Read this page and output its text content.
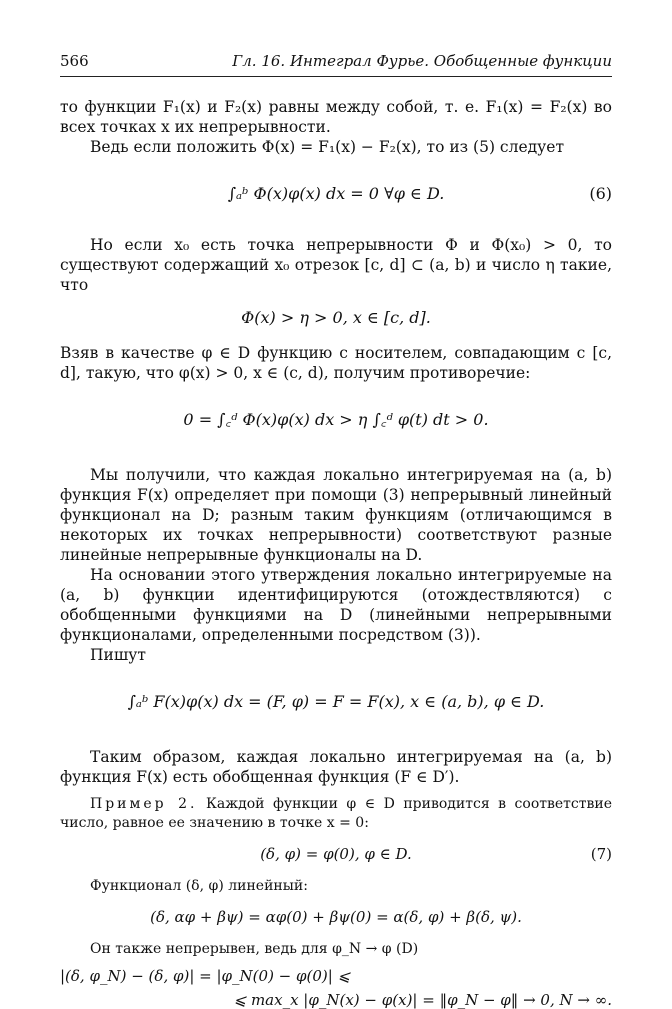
566	Гл. 16. Интеграл Фурье. Обобщенные функции

то функции F₁(x) и F₂(x) равны между собой, т. е. F₁(x) = F₂(x) во всех точках x их непрерывности.

Ведь если положить Φ(x) = F₁(x) − F₂(x), то из (5) следует

∫ₐᵇ Φ(x)φ(x) dx = 0 ∀φ ∈ D.	(6)

Но если x₀ есть точка непрерывности Φ и Φ(x₀) > 0, то существуют содержащий x₀ отрезок [c, d] ⊂ (a, b) и число η такие, что

Φ(x) > η > 0, x ∈ [c, d].

Взяв в качестве φ ∈ D функцию с носителем, совпадающим с [c, d], такую, что φ(x) > 0, x ∈ (c, d), получим противоречие:

0 = ∫꜀ᵈ Φ(x)φ(x) dx > η ∫꜀ᵈ φ(t) dt > 0.

Мы получили, что каждая локально интегрируемая на (a, b) функция F(x) определяет при помощи (3) непрерывный линейный функционал на D; разным таким функциям (отличающимся в некоторых их точках непрерывности) соответствуют разные линейные непрерывные функционалы на D.

На основании этого утверждения локально интегрируемые на (a, b) функции идентифицируются (отождествляются) с обобщенными функциями на D (линейными непрерывными функционалами, определенными посредством (3)).

Пишут

∫ₐᵇ F(x)φ(x) dx = (F, φ) = F = F(x), x ∈ (a, b), φ ∈ D.

Таким образом, каждая локально интегрируемая на (a, b) функция F(x) есть обобщенная функция (F ∈ D′).

Пример 2. Каждой функции φ ∈ D приводится в соответствие число, равное ее значению в точке x = 0:

(δ, φ) = φ(0), φ ∈ D.	(7)

Функционал (δ, φ) линейный:

(δ, αφ + βψ) = αφ(0) + βψ(0) = α(δ, φ) + β(δ, ψ).

Он также непрерывен, ведь для φ_N → φ (D)

|(δ, φ_N) − (δ, φ)| = |φ_N(0) − φ(0)| ⩽

⩽ max_x |φ_N(x) − φ(x)| = ‖φ_N − φ‖ → 0, N → ∞.
